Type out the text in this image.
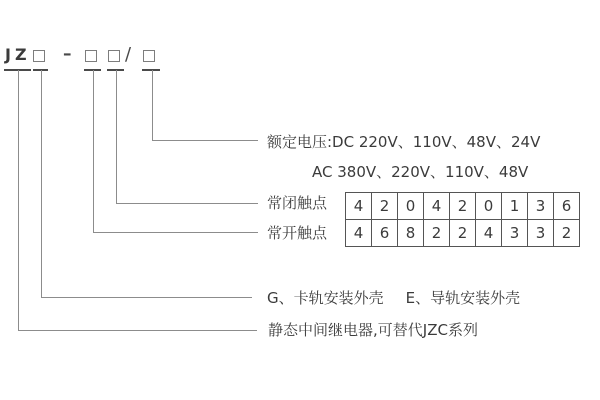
JZ –	/
额定电压:DC 220V、110V、48V、24V
AC 380V、220V、110V、48V
常闭触点
常开触点
G、卡轨安装外壳 E、导轨安装外壳
静态中间继电器,可替代JZC系列
4	2	0	4	2	0	1	3	6
4	6	8	2	2	4	3	3	2
